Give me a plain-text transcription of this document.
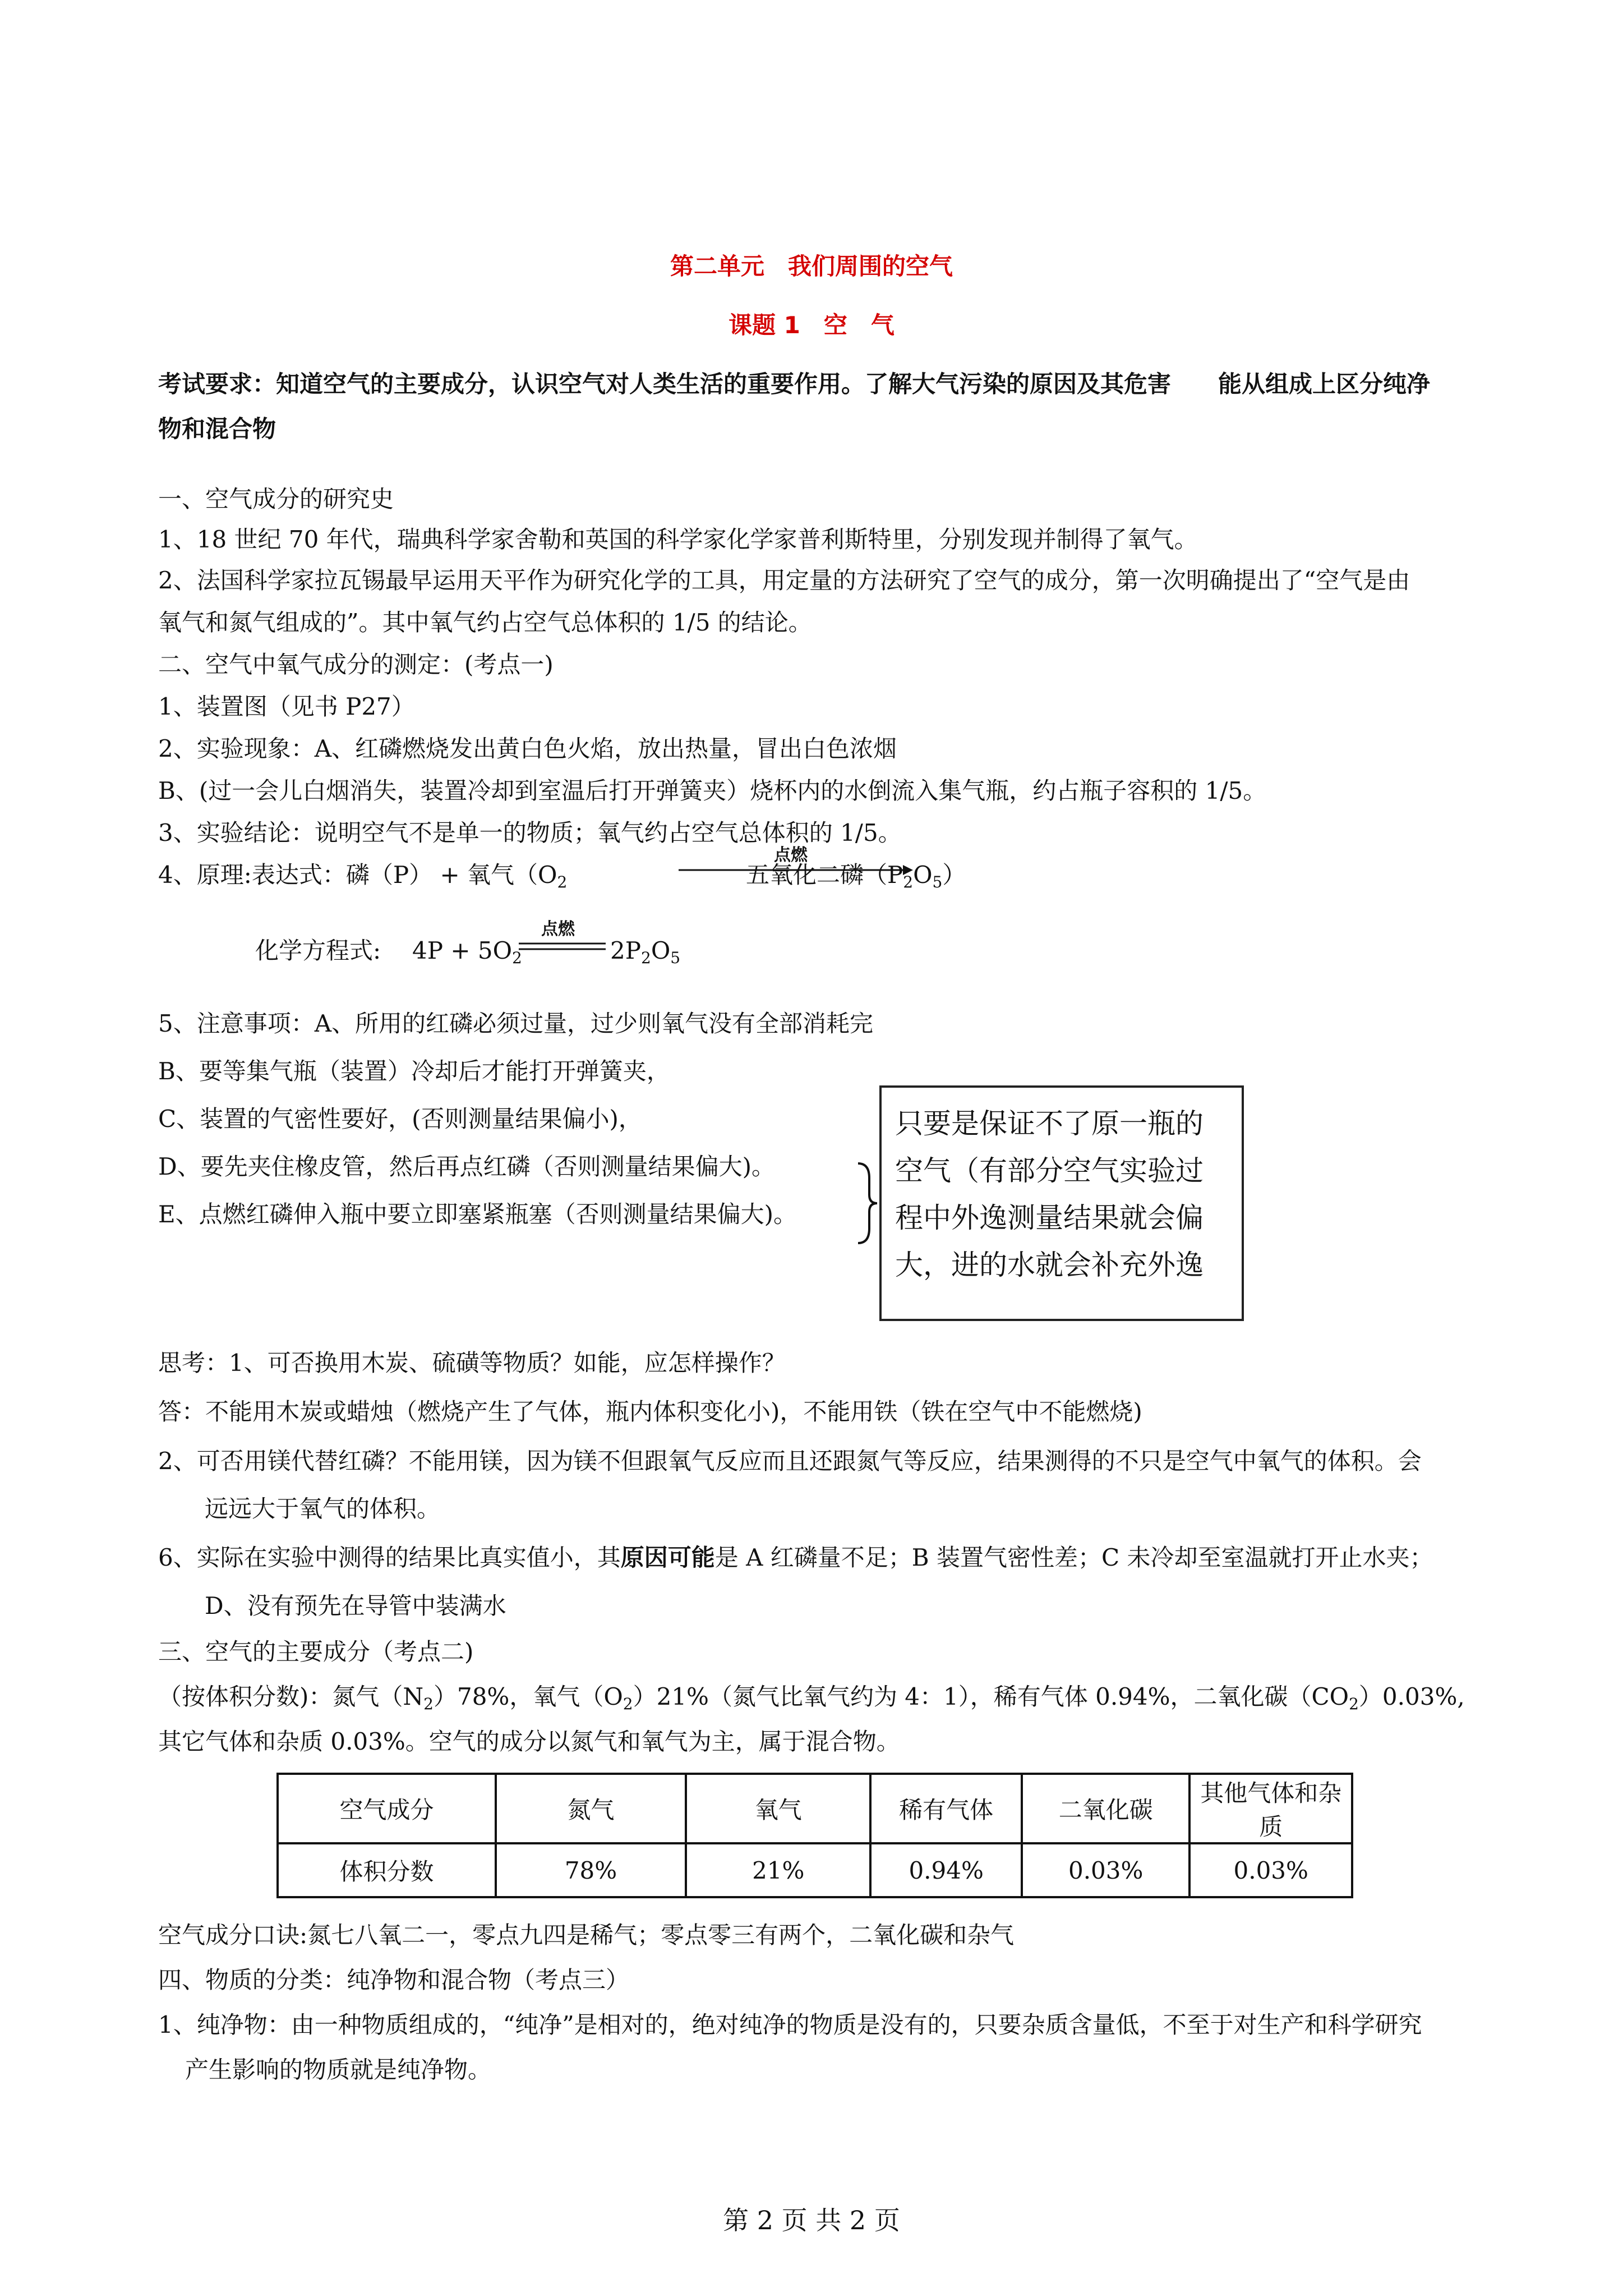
第二单元　我们周围的空气
课题 1　空　气
考试要求：知道空气的主要成分，认识空气对人类生活的重要作用。了解大气污染的原因及其危害　　能从组成上区分纯净
物和混合物
一、空气成分的研究史
1、18 世纪 70 年代，瑞典科学家舍勒和英国的科学家化学家普利斯特里，分别发现并制得了氧气。
2、法国科学家拉瓦锡最早运用天平作为研究化学的工具，用定量的方法研究了空气的成分，第一次明确提出了“空气是由
氧气和氮气组成的”。其中氧气约占空气总体积的 1/5 的结论。
二、空气中氧气成分的测定：(考点一)
1、装置图（见书 P27）
2、实验现象：A、红磷燃烧发出黄白色火焰，放出热量，冒出白色浓烟
B、(过一会儿白烟消失，装置冷却到室温后打开弹簧夹）烧杯内的水倒流入集气瓶，约占瓶子容积的 1/5。
3、实验结论：说明空气不是单一的物质；氧气约占空气总体积的 1/5。
4、原理:表达式：磷（P） + 氧气（$O_2$
点燃
五氧化二磷$(P_2O_5)$
化学方程式: $4P + 5O_2$
点燃
$2P_2O_5$
5、注意事项：A、所用的红磷必须过量，过少则氧气没有全部消耗完
B、要等集气瓶（装置）冷却后才能打开弹簧夹，
C、装置的气密性要好，(否则测量结果偏小)，
D、要先夹住橡皮管，然后再点红磷（否则测量结果偏大)。
E、点燃红磷伸入瓶中要立即塞紧瓶塞（否则测量结果偏大)。
只要是保证不了原一瓶的空气（有部分空气实验过程中外逸测量结果就会偏大，进的水就会补充外逸
思考：1、可否换用木炭、硫磺等物质？如能，应怎样操作？
答：不能用木炭或蜡烛（燃烧产生了气体，瓶内体积变化小)，不能用铁（铁在空气中不能燃烧)
2、可否用镁代替红磷？不能用镁，因为镁不但跟氧气反应而且还跟氮气等反应，结果测得的不只是空气中氧气的体积。会
远远大于氧气的体积。
6、实际在实验中测得的结果比真实值小，其原因可能是 A 红磷量不足；B 装置气密性差；C 未冷却至室温就打开止水夹；
D、没有预先在导管中装满水
三、空气的主要成分（考点二)
（按体积分数)：氮气$(N_2)78\%$，氧气$(O_2)21\%$（氮气比氧气约为 4：1），稀有气体 0.94%，二氧化碳$(CO_2)0.03\%$,
其它气体和杂质 0.03%。空气的成分以氮气和氧气为主，属于混合物。
空气成分	氮气	氧气	稀有气体	二氧化碳	其他气体和杂质
体积分数	78%	21%	0.94%	0.03%	0.03%
空气成分口诀:氮七八氧二一，零点九四是稀气；零点零三有两个，二氧化碳和杂气
四、物质的分类：纯净物和混合物（考点三）
1、纯净物：由一种物质组成的，“纯净”是相对的，绝对纯净的物质是没有的，只要杂质含量低，不至于对生产和科学研究
产生影响的物质就是纯净物。
第 2 页 共 2 页
